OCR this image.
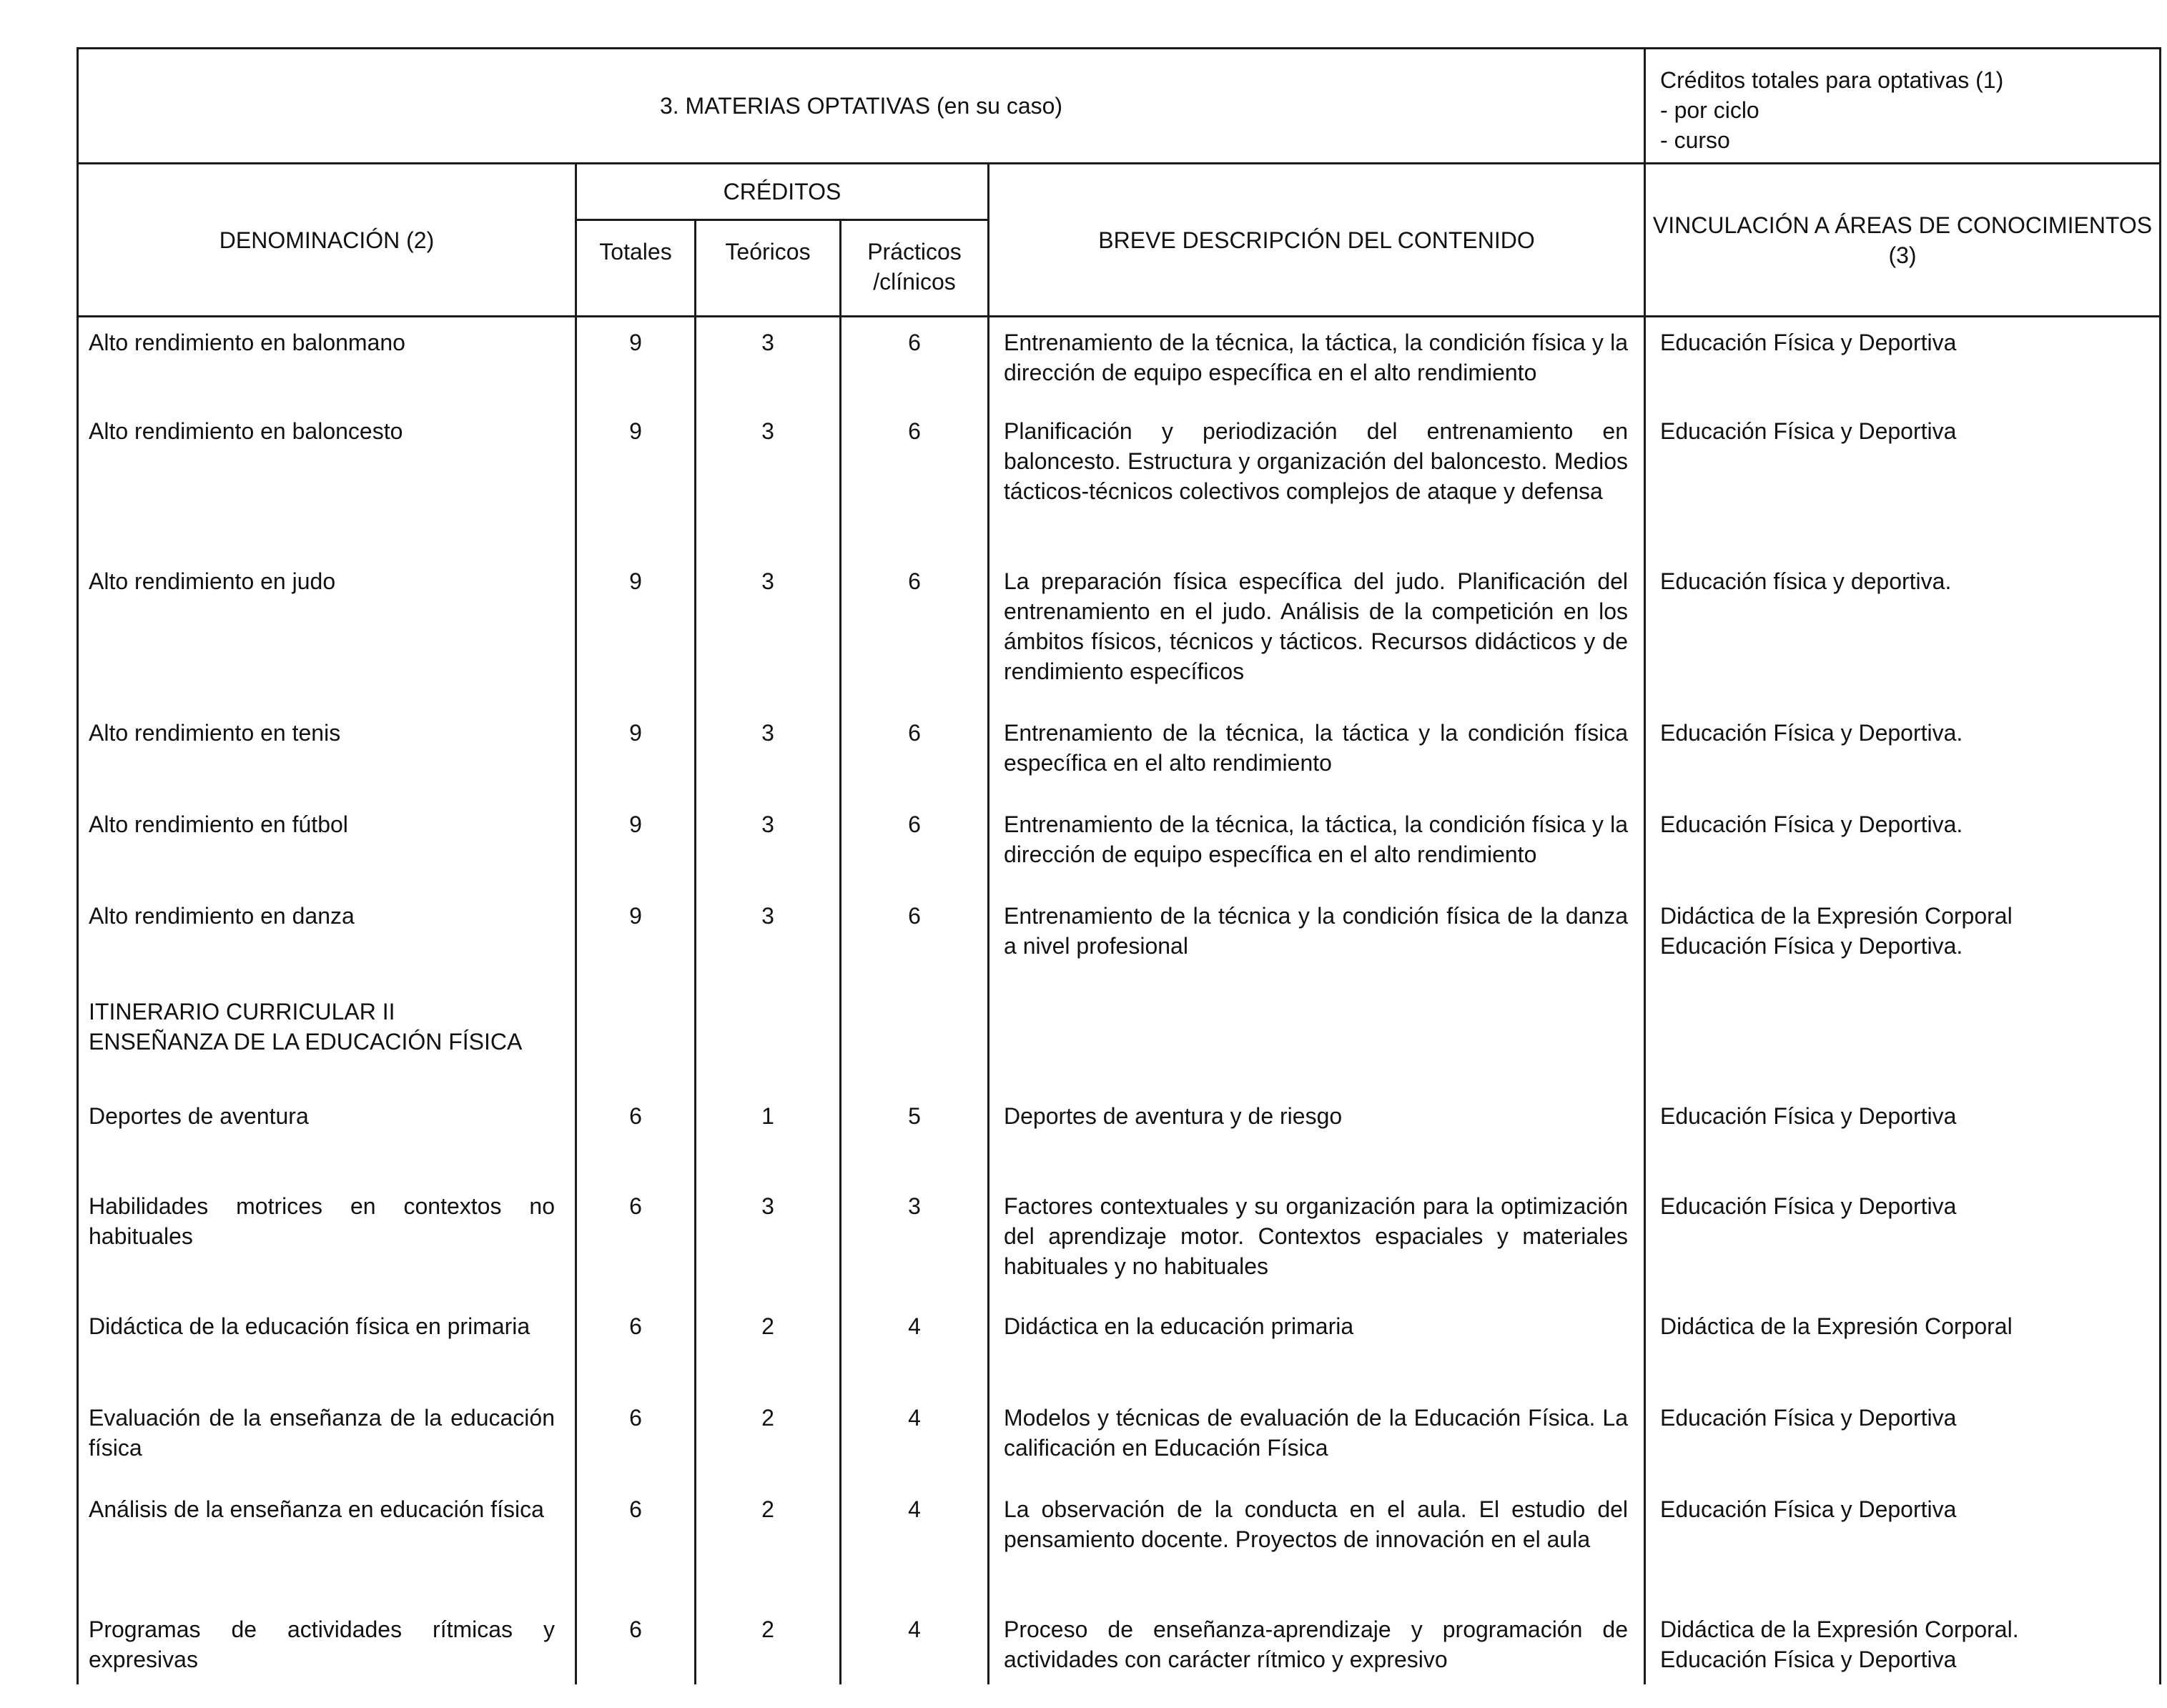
3. MATERIAS OPTATIVAS (en su caso)					Créditos totales para optativas (1)
- por ciclo
- curso

DENOMINACIÓN (2)	CRÉDITOS			BREVE DESCRIPCIÓN DEL CONTENIDO	VINCULACIÓN A ÁREAS DE CONOCIMIENTOS (3)
	Totales	Teóricos	Prácticos /clínicos		
Alto rendimiento en balonmano	9	3	6	Entrenamiento de la técnica, la táctica, la condición física y la dirección de equipo específica en el alto rendimiento	Educación Física y Deportiva
Alto rendimiento en baloncesto	9	3	6	Planificación y periodización del entrenamiento en baloncesto. Estructura y organización del baloncesto. Medios tácticos-técnicos colectivos complejos de ataque y defensa	Educación Física y Deportiva
Alto rendimiento en judo	9	3	6	La preparación física específica del judo. Planificación del entrenamiento en el judo. Análisis de la competición en los ámbitos físicos, técnicos y tácticos. Recursos didácticos y de rendimiento específicos	Educación física y deportiva.
Alto rendimiento en tenis	9	3	6	Entrenamiento de la técnica, la táctica y la condición física específica en el alto rendimiento	Educación Física y Deportiva.
Alto rendimiento en fútbol	9	3	6	Entrenamiento de la técnica, la táctica, la condición física y la dirección de equipo específica en el alto rendimiento	Educación Física y Deportiva.
Alto rendimiento en danza	9	3	6	Entrenamiento de la técnica y la condición física de la danza a nivel profesional	Didáctica de la Expresión Corporal
Educación Física y Deportiva.

ITINERARIO CURRICULAR II
ENSEÑANZA DE LA EDUCACIÓN FÍSICA					

Deportes de aventura	6	1	5	Deportes de aventura y de riesgo	Educación Física y Deportiva
Habilidades motrices en contextos no habituales	6	3	3	Factores contextuales y su organización para la optimización del aprendizaje motor. Contextos espaciales y materiales habituales y no habituales	Educación Física y Deportiva
Didáctica de la educación física en primaria	6	2	4	Didáctica en la educación primaria	Didáctica de la Expresión Corporal
Evaluación de la enseñanza de la educación física	6	2	4	Modelos y técnicas de evaluación de la Educación Física. La calificación en Educación Física	Educación Física y Deportiva
Análisis de la enseñanza en educación física	6	2	4	La observación de la conducta en el aula. El estudio del pensamiento docente. Proyectos de innovación en el aula	Educación Física y Deportiva
Programas de actividades rítmicas y expresivas	6	2	4	Proceso de enseñanza-aprendizaje y programación de actividades con carácter rítmico y expresivo	Didáctica de la Expresión Corporal.
Educación Física y Deportiva
